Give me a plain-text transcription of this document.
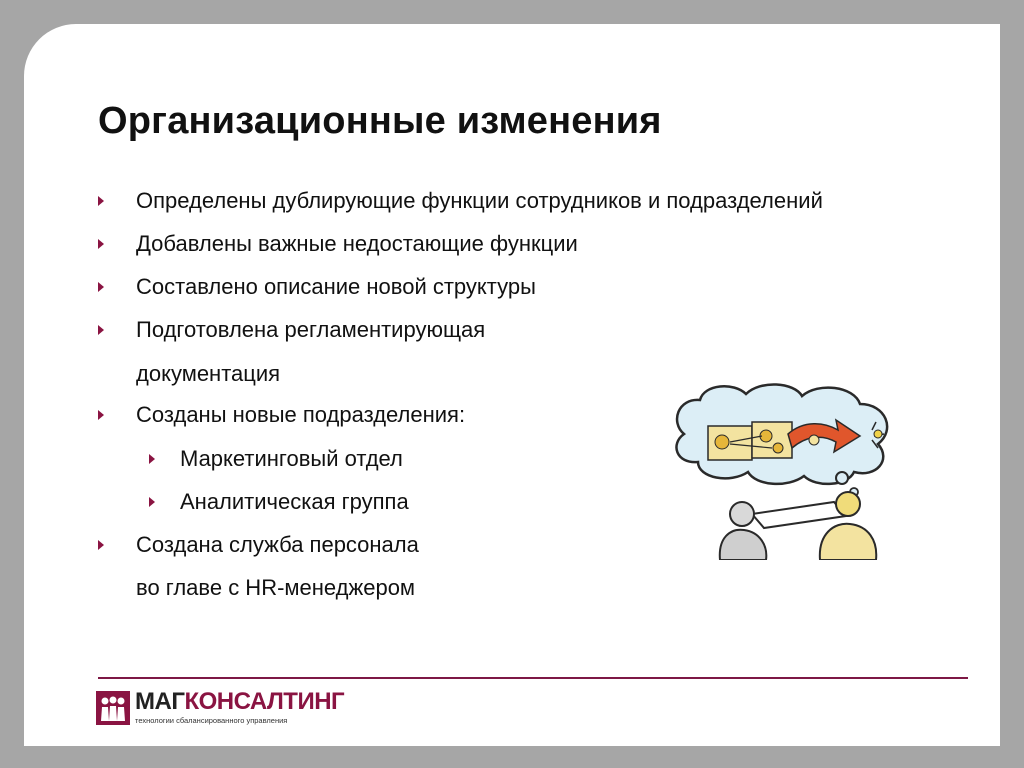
Организационные изменения
Определены дублирующие функции сотрудников и подразделений
Добавлены важные недостающие функции
Составлено описание новой структуры
Подготовлена регламентирующая
документация
Созданы новые подразделения:
Маркетинговый отдел
Аналитическая группа
Создана служба персонала
во главе с HR-менеджером
МАГКОНСАЛТИНГ
технологии сбалансированного управления
